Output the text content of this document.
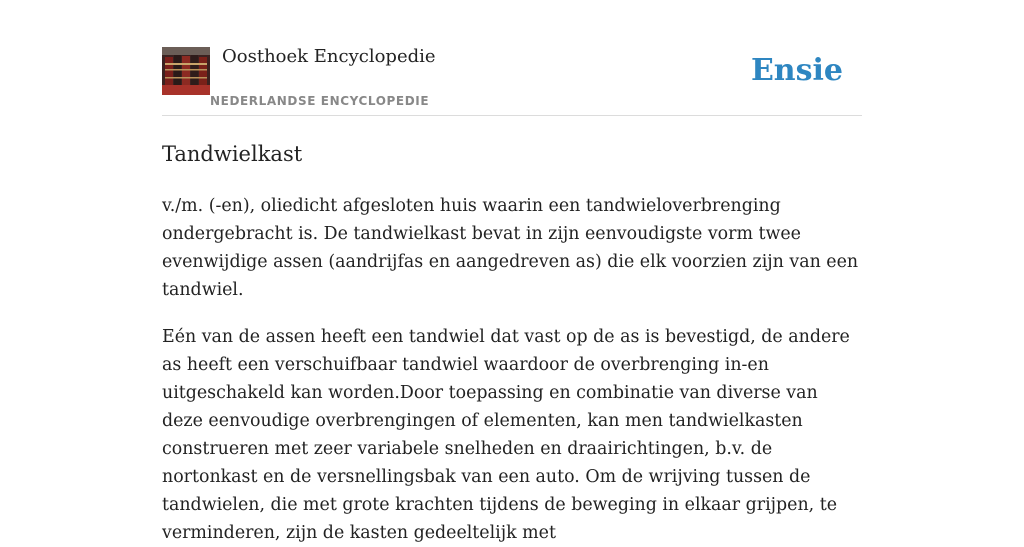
Oosthoek Encyclopedie
NEDERLANDSE ENCYCLOPEDIE
Ensie
Tandwielkast

v./m. (-en), oliedicht afgesloten huis waarin een tandwieloverbrenging ondergebracht is. De tandwielkast bevat in zijn eenvoudigste vorm twee evenwijdige assen (aandrijfas en aangedreven as) die elk voorzien zijn van een tandwiel.

Eén van de assen heeft een tandwiel dat vast op de as is bevestigd, de andere as heeft een verschuifbaar tandwiel waardoor de overbrenging in-en uitgeschakeld kan worden.Door toepassing en combinatie van diverse van deze eenvoudige overbrengingen of elementen, kan men tandwielkasten construeren met zeer variabele snelheden en draairichtingen, b.v. de nortonkast en de versnellingsbak van een auto. Om de wrijving tussen de tandwielen, die met grote krachten tijdens de beweging in elkaar grijpen, te verminderen, zijn de kasten gedeeltelijk met
